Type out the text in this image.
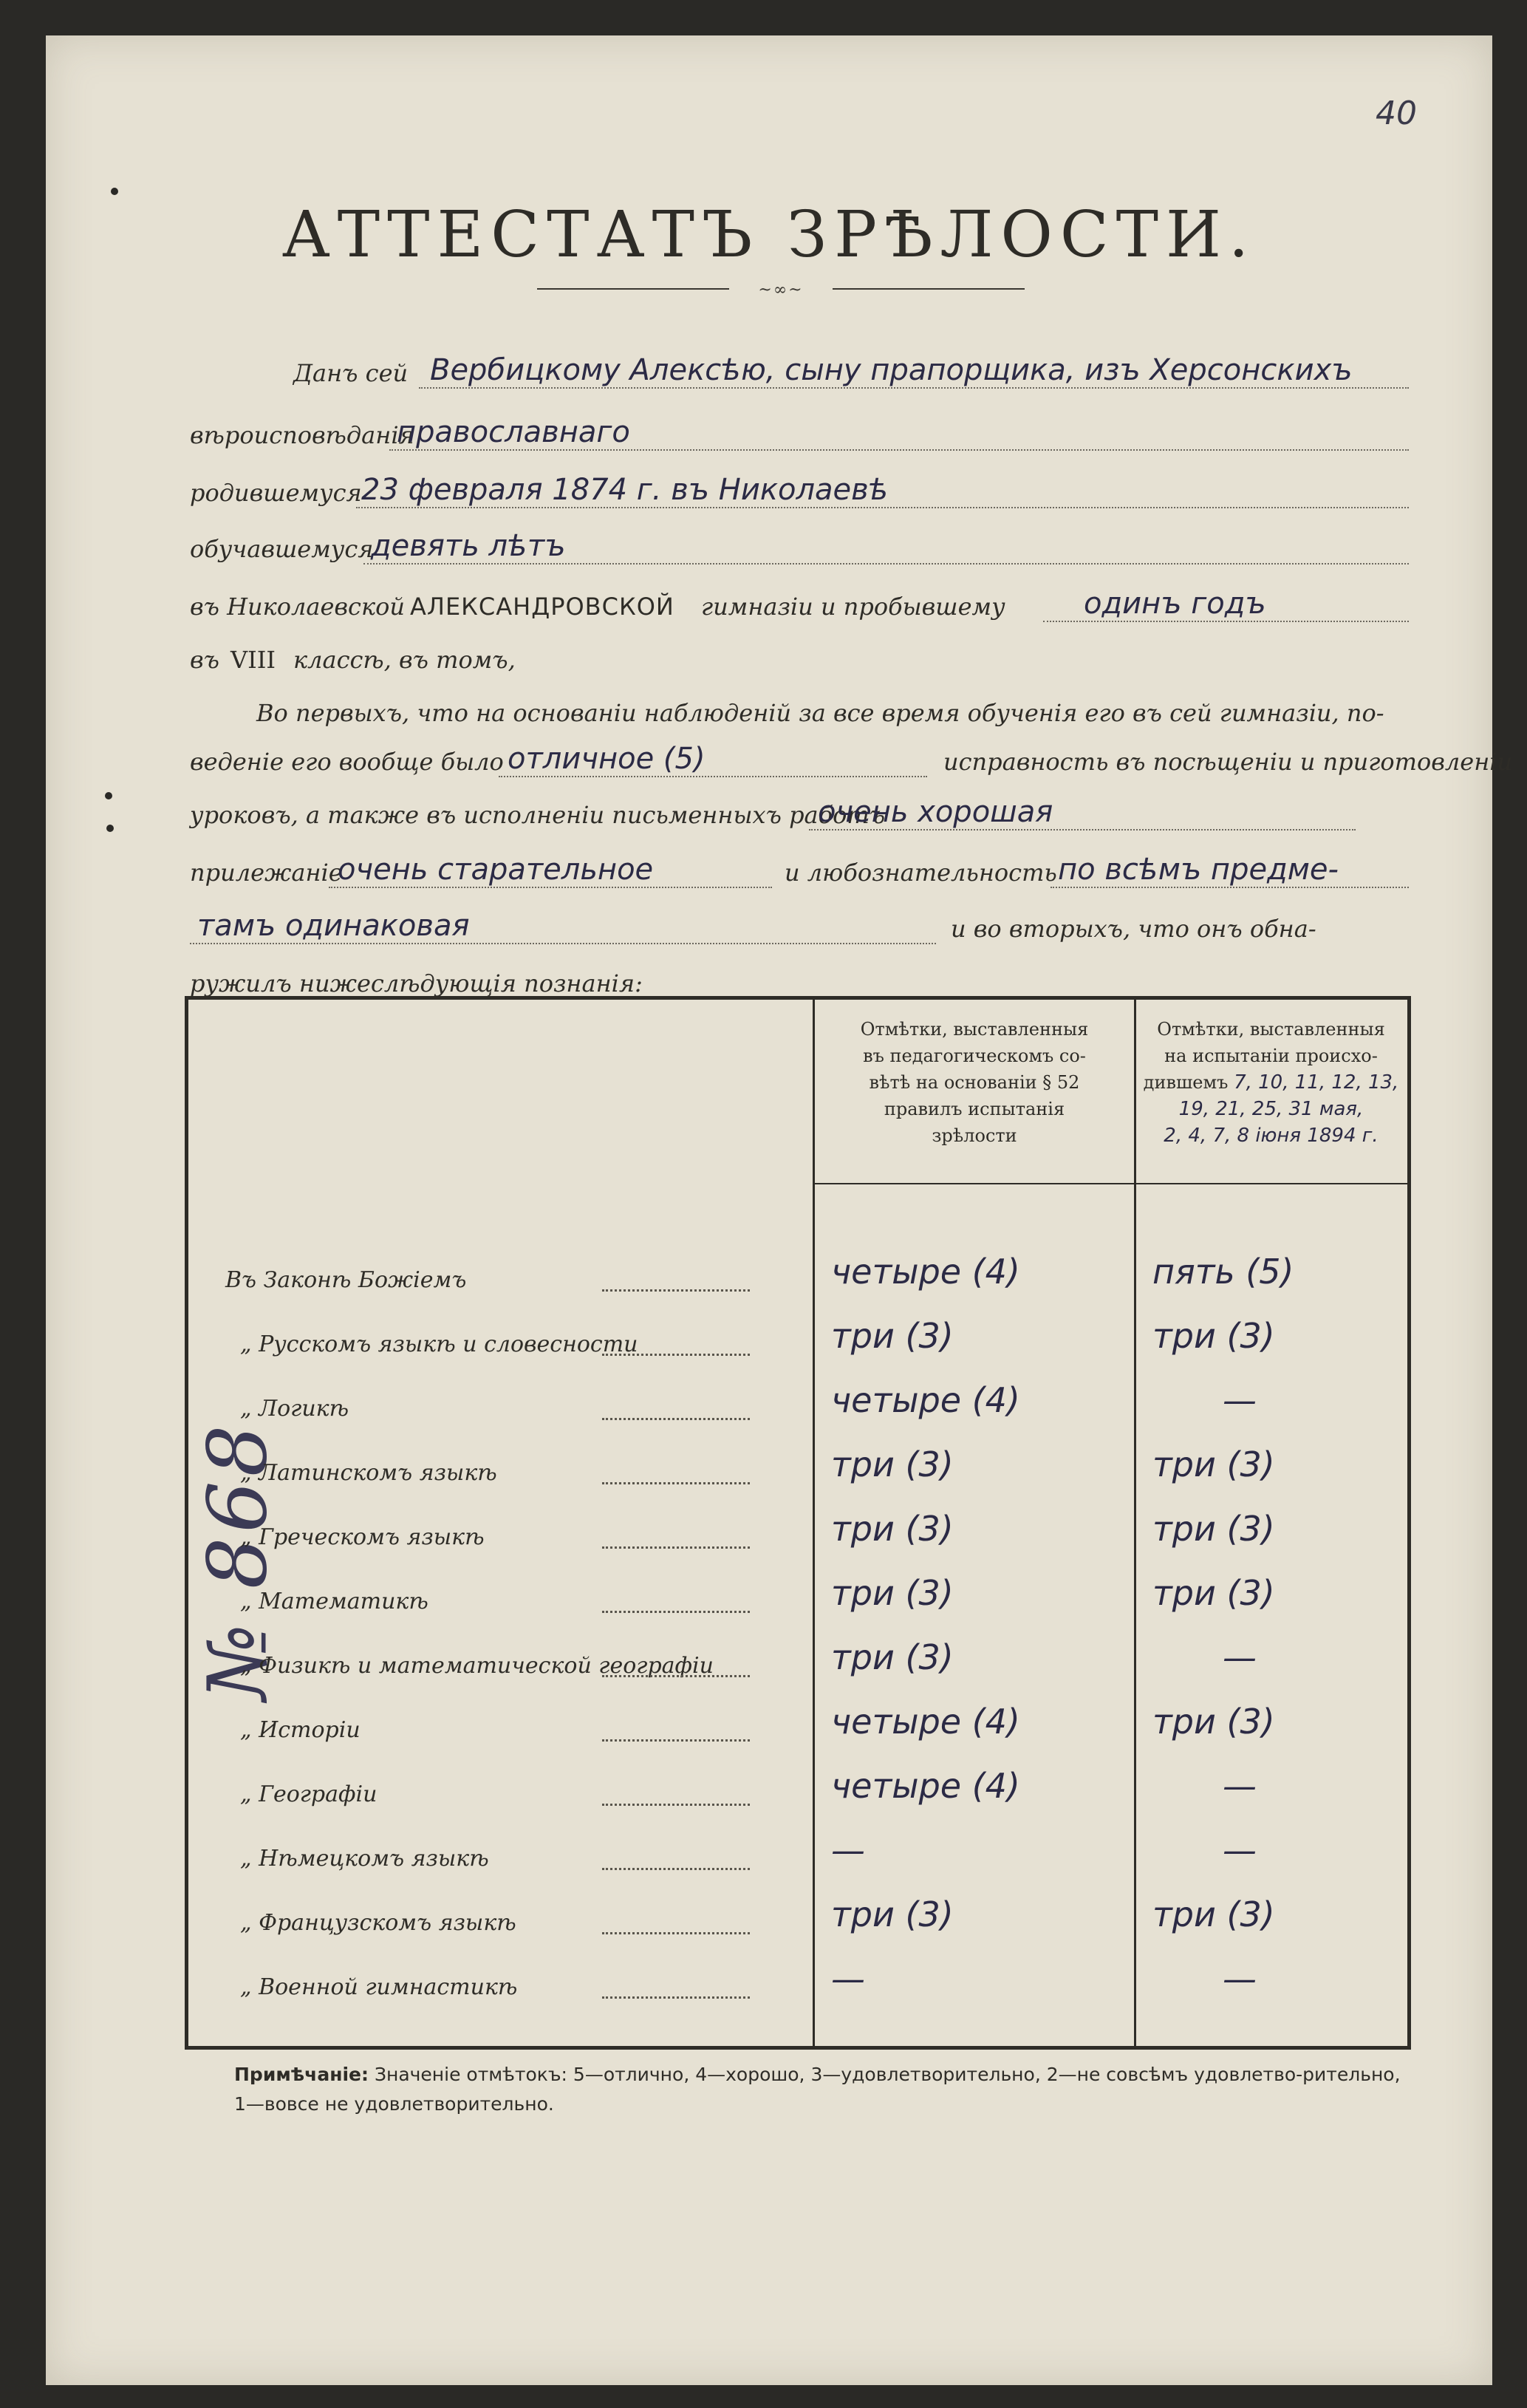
40
№ 868
АТТЕСТАТЪ ЗРѢЛОСТИ.
~∞~
Данъ сей Вербицкому Алексѣю, сыну прапорщика, изъ Херсонскихъ
вѣроисповѣданія
православнаго
родившемуся 23 февраля 1874 г. въ Николаевѣ
обучавшемуся
девять лѣтъ
въ Николаевской АЛЕКСАНДРОВСКОЙ гимназіи и пробывшему	одинъ годъ
въ VIII классѣ, въ томъ,
Во первыхъ, что на основаніи наблюденій за все время обученія его въ сей гимназіи, по-
веденіе его вообще было отличное (5)	исправность въ посѣщеніи и приготовленіи
уроковъ, а также въ исполненіи письменныхъ работъ
очень хорошая
прилежаніе
очень старательное	и любознательность по всѣмъ предме-
тамъ одинаковая	и во вторыхъ, что онъ обна-
ружилъ нижеслѣдующія познанія:
Отмѣтки, выставленныя
въ педагогическомъ со-
вѣтѣ на основаніи § 52
правилъ испытанія
зрѣлости
Отмѣтки, выставленныя
на испытаніи происхо-
дившемъ 7, 10, 11, 12, 13,
19, 21, 25, 31 мая,
2, 4, 7, 8 іюня 1894 г.
Въ Законѣ Божіемъ	четыре (4)	пять (5)
„ Русскомъ языкѣ и словесности	три (3)	три (3)
„ Логикѣ	четыре (4)	—
„ Латинскомъ языкѣ	три (3)	три (3)
„ Греческомъ языкѣ	три (3)	три (3)
„ Математикѣ	три (3)	три (3)
„ Физикѣ и математической географіи	три (3)	—
„ Исторіи	четыре (4)	три (3)
„ Географіи	четыре (4)	—
„ Нѣмецкомъ языкѣ	—	—
„ Французскомъ языкѣ	три (3)	три (3)
„ Военной гимнастикѣ	—	—
Примѣчаніе: Значеніе отмѣтокъ: 5—отлично, 4—хорошо, 3—удовлетворительно, 2—не совсѣмъ удовлетво-рительно, 1—вовсе не удовлетворительно.
